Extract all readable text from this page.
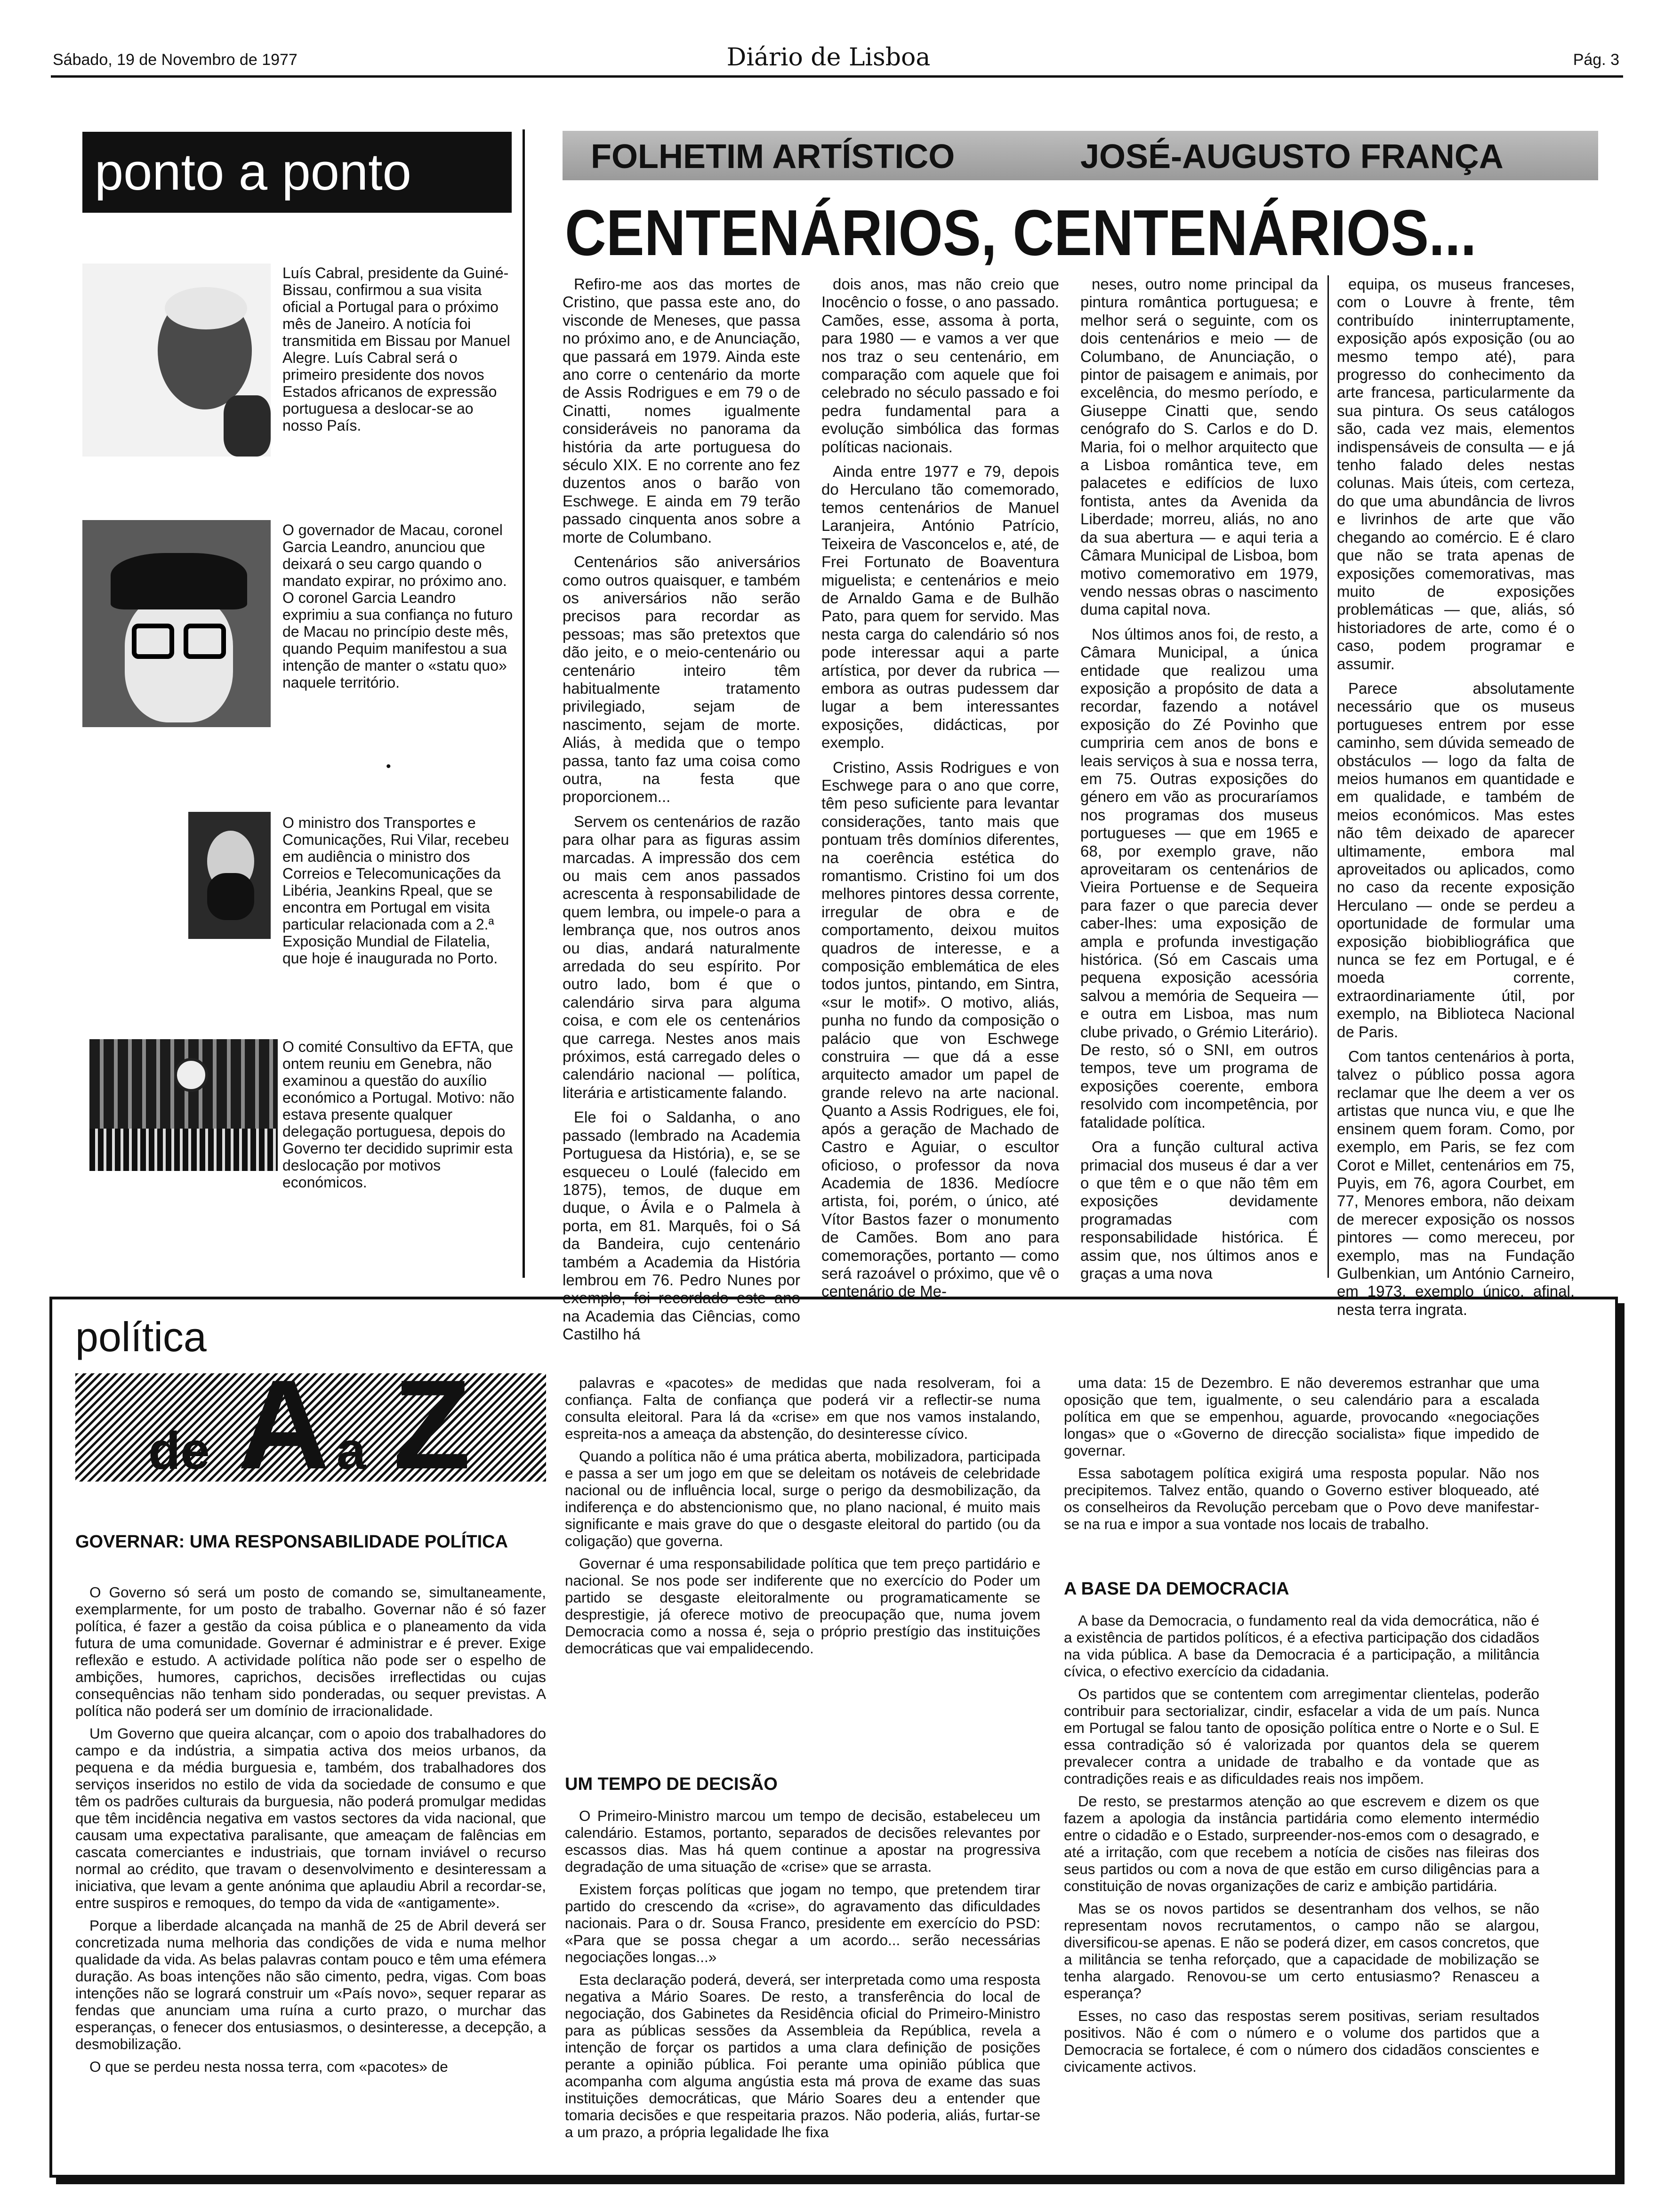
Sábado, 19 de Novembro de 1977	Diário de Lisboa	Pág. 3
ponto a ponto
Luís Cabral, presidente da Guiné-Bissau, confirmou a sua visita oficial a Portugal para o próximo mês de Janeiro. A notícia foi transmitida em Bissau por Manuel Alegre. Luís Cabral será o primeiro presidente dos novos Estados africanos de expressão portuguesa a deslocar-se ao nosso País.
O governador de Macau, coronel Garcia Leandro, anunciou que deixará o seu cargo quando o mandato expirar, no próximo ano. O coronel Garcia Leandro exprimiu a sua confiança no futuro de Macau no princípio deste mês, quando Pequim manifestou a sua intenção de manter o «statu quo» naquele território.
•
O ministro dos Transportes e Comunicações, Rui Vilar, recebeu em audiência o ministro dos Correios e Telecomunicações da Libéria, Jeankins Rpeal, que se encontra em Portugal em visita particular relacionada com a 2.ª Exposição Mundial de Filatelia, que hoje é inaugurada no Porto.
O comité Consultivo da EFTA, que ontem reuniu em Genebra, não examinou a questão do auxílio económico a Portugal. Motivo: não estava presente qualquer delegação portuguesa, depois do Governo ter decidido suprimir esta deslocação por motivos económicos.
FOLHETIM ARTÍSTICO	JOSÉ-AUGUSTO FRANÇA
CENTENÁRIOS, CENTENÁRIOS...

Refiro-me aos das mortes de Cristino, que passa este ano, do visconde de Meneses, que passa no próximo ano, e de Anunciação, que passará em 1979. Ainda este ano corre o centenário da morte de Assis Rodrigues e em 79 o de Cinatti, nomes igualmente consideráveis no panorama da história da arte portuguesa do século XIX. E no corrente ano fez duzentos anos o barão von Eschwege. E ainda em 79 terão passado cinquenta anos sobre a morte de Columbano.

Centenários são aniversários como outros quaisquer, e também os aniversários não serão precisos para recordar as pessoas; mas são pretextos que dão jeito, e o meio-centenário ou centenário inteiro têm habitualmente tratamento privilegiado, sejam de nascimento, sejam de morte. Aliás, à medida que o tempo passa, tanto faz uma coisa como outra, na festa que proporcionem...

Servem os centenários de razão para olhar para as figuras assim marcadas. A impressão dos cem ou mais cem anos passados acrescenta à responsabilidade de quem lembra, ou impele-o para a lembrança que, nos outros anos ou dias, andará naturalmente arredada do seu espírito. Por outro lado, bom é que o calendário sirva para alguma coisa, e com ele os centenários que carrega. Nestes anos mais próximos, está carregado deles o calendário nacional — política, literária e artisticamente falando.

Ele foi o Saldanha, o ano passado (lembrado na Academia Portuguesa da História), e, se se esqueceu o Loulé (falecido em 1875), temos, de duque em duque, o Ávila e o Palmela à porta, em 81. Marquês, foi o Sá da Bandeira, cujo centenário também a Academia da História lembrou em 76. Pedro Nunes por exemplo, foi recordado este ano na Academia das Ciências, como Castilho há

dois anos, mas não creio que Inocêncio o fosse, o ano passado. Camões, esse, assoma à porta, para 1980 — e vamos a ver que nos traz o seu centenário, em comparação com aquele que foi celebrado no século passado e foi pedra fundamental para a evolução simbólica das formas políticas nacionais.

Ainda entre 1977 e 79, depois do Herculano tão comemorado, temos centenários de Manuel Laranjeira, António Patrício, Teixeira de Vasconcelos e, até, de Frei Fortunato de Boaventura miguelista; e centenários e meio de Arnaldo Gama e de Bulhão Pato, para quem for servido. Mas nesta carga do calendário só nos pode interessar aqui a parte artística, por dever da rubrica — embora as outras pudessem dar lugar a bem interessantes exposições, didácticas, por exemplo.

Cristino, Assis Rodrigues e von Eschwege para o ano que corre, têm peso suficiente para levantar considerações, tanto mais que pontuam três domínios diferentes, na coerência estética do romantismo. Cristino foi um dos melhores pintores dessa corrente, irregular de obra e de comportamento, deixou muitos quadros de interesse, e a composição emblemática de eles todos juntos, pintando, em Sintra, «sur le motif». O motivo, aliás, punha no fundo da composição o palácio que von Eschwege construira — que dá a esse arquitecto amador um papel de grande relevo na arte nacional. Quanto a Assis Rodrigues, ele foi, após a geração de Machado de Castro e Aguiar, o escultor oficioso, o professor da nova Academia de 1836. Medíocre artista, foi, porém, o único, até Vítor Bastos fazer o monumento de Camões. Bom ano para comemorações, portanto — como será razoável o próximo, que vê o centenário de Me-

neses, outro nome principal da pintura romântica portuguesa; e melhor será o seguinte, com os dois centenários e meio — de Columbano, de Anunciação, o pintor de paisagem e animais, por excelência, do mesmo período, e Giuseppe Cinatti que, sendo cenógrafo do S. Carlos e do D. Maria, foi o melhor arquitecto que a Lisboa romântica teve, em palacetes e edifícios de luxo fontista, antes da Avenida da Liberdade; morreu, aliás, no ano da sua abertura — e aqui teria a Câmara Municipal de Lisboa, bom motivo comemorativo em 1979, vendo nessas obras o nascimento duma capital nova.

Nos últimos anos foi, de resto, a Câmara Municipal, a única entidade que realizou uma exposição a propósito de data a recordar, fazendo a notável exposição do Zé Povinho que cumpriria cem anos de bons e leais serviços à sua e nossa terra, em 75. Outras exposições do género em vão as procuraríamos nos programas dos museus portugueses — que em 1965 e 68, por exemplo grave, não aproveitaram os centenários de Vieira Portuense e de Sequeira para fazer o que parecia dever caber-lhes: uma exposição de ampla e profunda investigação histórica. (Só em Cascais uma pequena exposição acessória salvou a memória de Sequeira — e outra em Lisboa, mas num clube privado, o Grémio Literário). De resto, só o SNI, em outros tempos, teve um programa de exposições coerente, embora resolvido com incompetência, por fatalidade política.

Ora a função cultural activa primacial dos museus é dar a ver o que têm e o que não têm em exposições devidamente programadas com responsabilidade histórica. É assim que, nos últimos anos e graças a uma nova

equipa, os museus franceses, com o Louvre à frente, têm contribuído ininterruptamente, exposição após exposição (ou ao mesmo tempo até), para progresso do conhecimento da arte francesa, particularmente da sua pintura. Os seus catálogos são, cada vez mais, elementos indispensáveis de consulta — e já tenho falado deles nestas colunas. Mais úteis, com certeza, do que uma abundância de livros e livrinhos de arte que vão chegando ao comércio. E é claro que não se trata apenas de exposições comemorativas, mas muito de exposições problemáticas — que, aliás, só historiadores de arte, como é o caso, podem programar e assumir.

Parece absolutamente necessário que os museus portugueses entrem por esse caminho, sem dúvida semeado de obstáculos — logo da falta de meios humanos em quantidade e em qualidade, e também de meios económicos. Mas estes não têm deixado de aparecer ultimamente, embora mal aproveitados ou aplicados, como no caso da recente exposição Herculano — onde se perdeu a oportunidade de formular uma exposição biobibliográfica que nunca se fez em Portugal, e é moeda corrente, extraordinariamente útil, por exemplo, na Biblioteca Nacional de Paris.

Com tantos centenários à porta, talvez o público possa agora reclamar que lhe deem a ver os artistas que nunca viu, e que lhe ensinem quem foram. Como, por exemplo, em Paris, se fez com Corot e Millet, centenários em 75, Puyis, em 76, agora Courbet, em 77, Menores embora, não deixam de merecer exposição os nossos pintores — como mereceu, por exemplo, mas na Fundação Gulbenkian, um António Carneiro, em 1973, exemplo único, afinal, nesta terra ingrata.

política
de A a Z
GOVERNAR: UMA RESPONSABILIDADE POLÍTICA

O Governo só será um posto de comando se, simultaneamente, exemplarmente, for um posto de trabalho. Governar não é só fazer política, é fazer a gestão da coisa pública e o planeamento da vida futura de uma comunidade. Governar é administrar e é prever. Exige reflexão e estudo. A actividade política não pode ser o espelho de ambições, humores, caprichos, decisões irreflectidas ou cujas consequências não tenham sido ponderadas, ou sequer previstas. A política não poderá ser um domínio de irracionalidade.

Um Governo que queira alcançar, com o apoio dos trabalhadores do campo e da indústria, a simpatia activa dos meios urbanos, da pequena e da média burguesia e, também, dos trabalhadores dos serviços inseridos no estilo de vida da sociedade de consumo e que têm os padrões culturais da burguesia, não poderá promulgar medidas que têm incidência negativa em vastos sectores da vida nacional, que causam uma expectativa paralisante, que ameaçam de falências em cascata comerciantes e industriais, que tornam inviável o recurso normal ao crédito, que travam o desenvolvimento e desinteressam a iniciativa, que levam a gente anónima que aplaudiu Abril a recordar-se, entre suspiros e remoques, do tempo da vida de «antigamente».

Porque a liberdade alcançada na manhã de 25 de Abril deverá ser concretizada numa melhoria das condições de vida e numa melhor qualidade da vida. As belas palavras contam pouco e têm uma efémera duração. As boas intenções não são cimento, pedra, vigas. Com boas intenções não se logrará construir um «País novo», sequer reparar as fendas que anunciam uma ruína a curto prazo, o murchar das esperanças, o fenecer dos entusiasmos, o desinteresse, a decepção, a desmobilização.

O que se perdeu nesta nossa terra, com «pacotes» de

palavras e «pacotes» de medidas que nada resolveram, foi a confiança. Falta de confiança que poderá vir a reflectir-se numa consulta eleitoral. Para lá da «crise» em que nos vamos instalando, espreita-nos a ameaça da abstenção, do desinteresse cívico.

Quando a política não é uma prática aberta, mobilizadora, participada e passa a ser um jogo em que se deleitam os notáveis de celebridade nacional ou de influência local, surge o perigo da desmobilização, da indiferença e do abstencionismo que, no plano nacional, é muito mais significante e mais grave do que o desgaste eleitoral do partido (ou da coligação) que governa.

Governar é uma responsabilidade política que tem preço partidário e nacional. Se nos pode ser indiferente que no exercício do Poder um partido se desgaste eleitoralmente ou programaticamente se desprestigie, já oferece motivo de preocupação que, numa jovem Democracia como a nossa é, seja o próprio prestígio das instituições democráticas que vai empalidecendo.

UM TEMPO DE DECISÃO

O Primeiro-Ministro marcou um tempo de decisão, estabeleceu um calendário. Estamos, portanto, separados de decisões relevantes por escassos dias. Mas há quem continue a apostar na progressiva degradação de uma situação de «crise» que se arrasta.

Existem forças políticas que jogam no tempo, que pretendem tirar partido do crescendo da «crise», do agravamento das dificuldades nacionais. Para o dr. Sousa Franco, presidente em exercício do PSD: «Para que se possa chegar a um acordo... serão necessárias negociações longas...»

Esta declaração poderá, deverá, ser interpretada como uma resposta negativa a Mário Soares. De resto, a transferência do local de negociação, dos Gabinetes da Residência oficial do Primeiro-Ministro para as públicas sessões da Assembleia da República, revela a intenção de forçar os partidos a uma clara definição de posições perante a opinião pública. Foi perante uma opinião pública que acompanha com alguma angústia esta má prova de exame das suas instituições democráticas, que Mário Soares deu a entender que tomaria decisões e que respeitaria prazos. Não poderia, aliás, furtar-se a um prazo, a própria legalidade lhe fixa

uma data: 15 de Dezembro. E não deveremos estranhar que uma oposição que tem, igualmente, o seu calendário para a escalada política em que se empenhou, aguarde, provocando «negociações longas» que o «Governo de direcção socialista» fique impedido de governar.

Essa sabotagem política exigirá uma resposta popular. Não nos precipitemos. Talvez então, quando o Governo estiver bloqueado, até os conselheiros da Revolução percebam que o Povo deve manifestar-se na rua e impor a sua vontade nos locais de trabalho.

A BASE DA DEMOCRACIA

A base da Democracia, o fundamento real da vida democrática, não é a existência de partidos políticos, é a efectiva participação dos cidadãos na vida pública. A base da Democracia é a participação, a militância cívica, o efectivo exercício da cidadania.

Os partidos que se contentem com arregimentar clientelas, poderão contribuir para sectorializar, cindir, esfacelar a vida de um país. Nunca em Portugal se falou tanto de oposição política entre o Norte e o Sul. E essa contradição só é valorizada por quantos dela se querem prevalecer contra a unidade de trabalho e da vontade que as contradições reais e as dificuldades reais nos impõem.

De resto, se prestarmos atenção ao que escrevem e dizem os que fazem a apologia da instância partidária como elemento intermédio entre o cidadão e o Estado, surpreender-nos-emos com o desagrado, e até a irritação, com que recebem a notícia de cisões nas fileiras dos seus partidos ou com a nova de que estão em curso diligências para a constituição de novas organizações de cariz e ambição partidária.

Mas se os novos partidos se desentranham dos velhos, se não representam novos recrutamentos, o campo não se alargou, diversificou-se apenas. E não se poderá dizer, em casos concretos, que a militância se tenha reforçado, que a capacidade de mobilização se tenha alargado. Renovou-se um certo entusiasmo? Renasceu a esperança?

Esses, no caso das respostas serem positivas, seriam resultados positivos. Não é com o número e o volume dos partidos que a Democracia se fortalece, é com o número dos cidadãos conscientes e civicamente activos.
